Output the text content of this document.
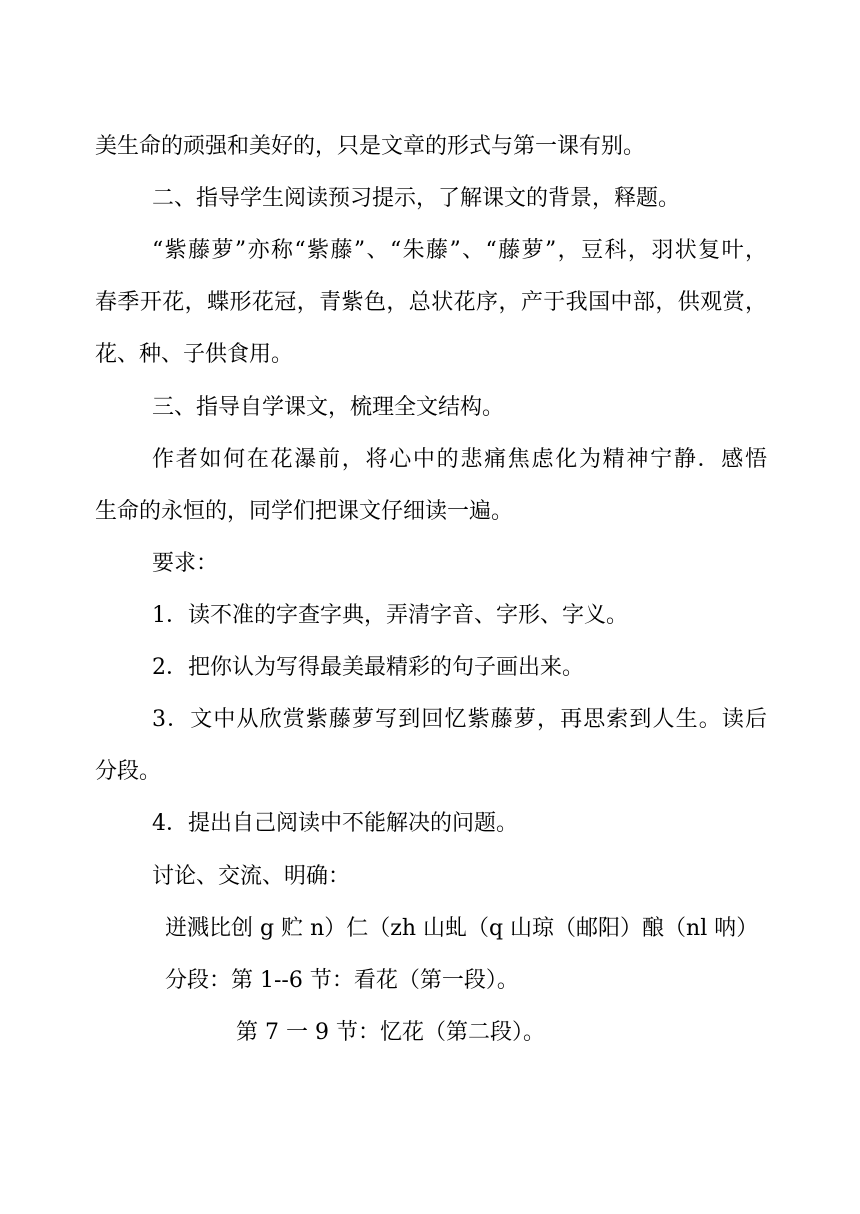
美生命的顽强和美好的，只是文章的形式与第一课有别。
二、指导学生阅读预习提示，了解课文的背景，释题。
“紫藤萝”亦称“紫藤”、“朱藤”、“藤萝”，豆科，羽状复叶，
春季开花，蝶形花冠，青紫色，总状花序，产于我国中部，供观赏，
花、种、子供食用。
三、指导自学课文，梳理全文结构。
作者如何在花瀑前，将心中的悲痛焦虑化为精神宁静．感悟
生命的永恒的，同学们把课文仔细读一遍。
要求：
1．读不准的字查字典，弄清字音、字形、字义。
2．把你认为写得最美最精彩的句子画出来。
3．文中从欣赏紫藤萝写到回忆紫藤萝，再思索到人生。读后
分段。
4．提出自己阅读中不能解决的问题。
讨论、交流、明确：
迸溅比创 g 贮 n）仁（zh 山虬（q 山琼（邮阳）酿（nl 呐）
分段：第 1--6 节：看花（第一段）。
第 7 一 9 节：忆花（第二段）。
